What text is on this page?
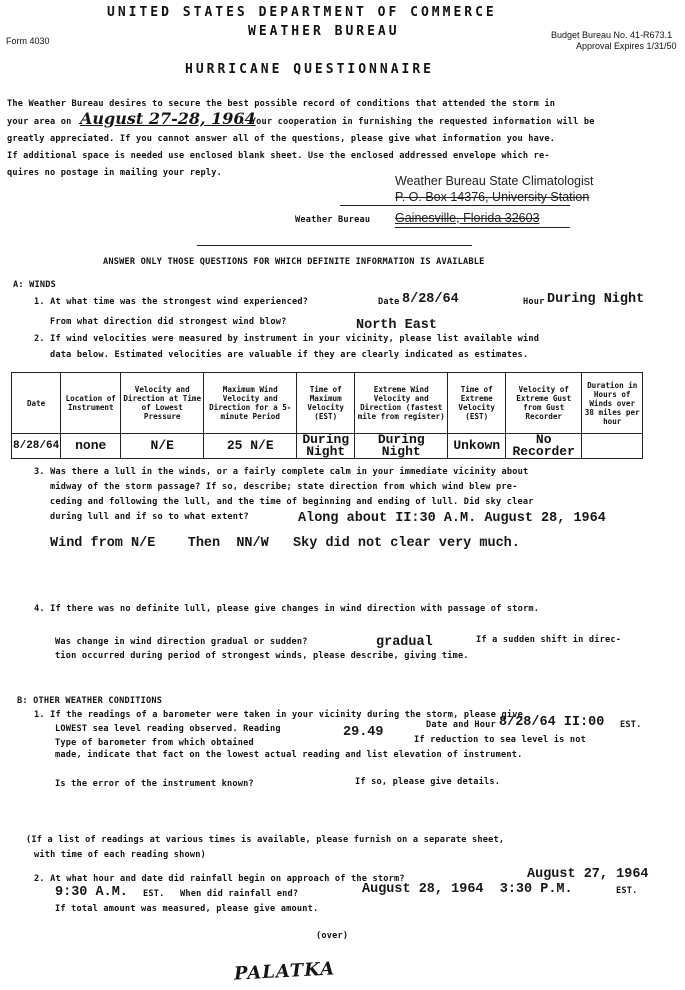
UNITED STATES DEPARTMENT OF COMMERCE
WEATHER BUREAU
Form 4030
Budget Bureau No. 41-R673.1
Approval Expires 1/31/50
HURRICANE QUESTIONNAIRE
The Weather Bureau desires to secure the best possible record of conditions that attended the storm in
your area on August 27-28, 1964
. Your cooperation in furnishing the requested information will be
greatly appreciated. If you cannot answer all of the questions, please give what information you have.
If additional space is needed use enclosed blank sheet. Use the enclosed addressed envelope which re-
quires no postage in mailing your reply.
Weather Bureau State Climatologist
P. O. Box 14376, University Station
Gainesville, Florida 32603
Weather Bureau
ANSWER ONLY THOSE QUESTIONS FOR WHICH DEFINITE INFORMATION IS AVAILABLE
A: WINDS
1. At what time was the strongest wind experienced?	Date 8/28/64	Hour During Night
From what direction did strongest wind blow?	North East
2. If wind velocities were measured by instrument in your vicinity, please list available wind
data below. Estimated velocities are valuable if they are clearly indicated as estimates.
Date	Location of Instrument	Velocity and Direction at Time of Lowest Pressure	Maximum Wind Velocity and Direction for a 5-minute Period	Time of Maximum Velocity (EST)	Extreme Wind Velocity and Direction (fastest mile from register)	Time of Extreme Velocity (EST)	Velocity of Extreme Gust from Gust Recorder	Duration in Hours of Winds over 38 miles per hour
8/28/64	none	N/E	25 N/E	During Night	During Night	Unkown	No Recorder	
3. Was there a lull in the winds, or a fairly complete calm in your immediate vicinity about
midway of the storm passage? If so, describe; state direction from which wind blew pre-
ceding and following the lull, and the time of beginning and ending of lull. Did sky clear
during lull and if so to what extent?	Along about II:30 A.M. August 28, 1964
Wind from N/E    Then  NN/W   Sky did not clear very much.
4. If there was no definite lull, please give changes in wind direction with passage of storm.
Was change in wind direction gradual or sudden?	gradual	If a sudden shift in direc-
tion occurred during period of strongest winds, please describe, giving time.
B: OTHER WEATHER CONDITIONS
1. If the readings of a barometer were taken in your vicinity during the storm, please give
LOWEST sea level reading observed. Reading	29.49	Date and Hour 8/28/64 II:00 EST.
Type of barometer from which obtained	If reduction to sea level is not
made, indicate that fact on the lowest actual reading and list elevation of instrument.
Is the error of the instrument known?	If so, please give details.
(If a list of readings at various times is available, please furnish on a separate sheet,
with time of each reading shown)
2. At what hour and date did rainfall begin on approach of the storm?	August 27, 1964
9:30 A.M. EST. When did rainfall end?	August 28, 1964  3:30 P.M.	EST.
If total amount was measured, please give amount.
(over)
PALATKA
